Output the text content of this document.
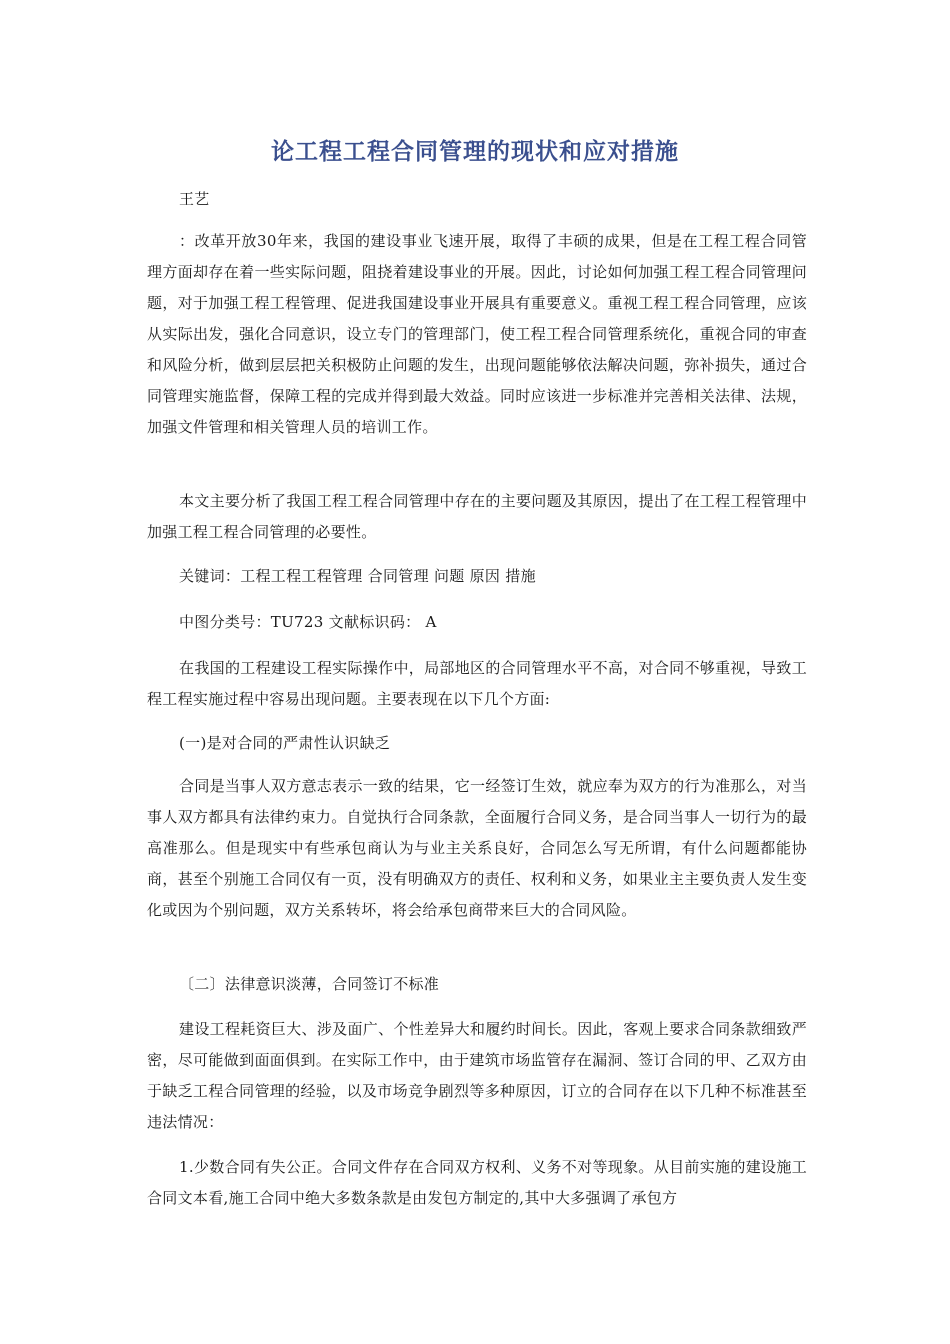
论工程工程合同管理的现状和应对措施

王艺

：改革开放30年来，我国的建设事业飞速开展，取得了丰硕的成果，但是在工程工程合同管理方面却存在着一些实际问题，阻挠着建设事业的开展。因此，讨论如何加强工程工程合同管理问题，对于加强工程工程管理、促进我国建设事业开展具有重要意义。重视工程工程合同管理，应该从实际出发，强化合同意识，设立专门的管理部门，使工程工程合同管理系统化，重视合同的审查和风险分析，做到层层把关积极防止问题的发生，出现问题能够依法解决问题，弥补损失，通过合同管理实施监督，保障工程的完成并得到最大效益。同时应该进一步标准并完善相关法律、法规，加强文件管理和相关管理人员的培训工作。

本文主要分析了我国工程工程合同管理中存在的主要问题及其原因，提出了在工程工程管理中加强工程工程合同管理的必要性。

关键词：工程工程工程管理 合同管理 问题 原因 措施

中图分类号：TU723 文献标识码： A

在我国的工程建设工程实际操作中，局部地区的合同管理水平不高，对合同不够重视，导致工程工程实施过程中容易出现问题。主要表现在以下几个方面:

(一)是对合同的严肃性认识缺乏

合同是当事人双方意志表示一致的结果，它一经签订生效，就应奉为双方的行为准那么，对当事人双方都具有法律约束力。自觉执行合同条款，全面履行合同义务，是合同当事人一切行为的最高准那么。但是现实中有些承包商认为与业主关系良好，合同怎么写无所谓，有什么问题都能协商，甚至个别施工合同仅有一页，没有明确双方的责任、权利和义务，如果业主主要负责人发生变化或因为个别问题，双方关系转坏，将会给承包商带来巨大的合同风险。

〔二〕法律意识淡薄，合同签订不标准

建设工程耗资巨大、涉及面广、个性差异大和履约时间长。因此，客观上要求合同条款细致严密，尽可能做到面面俱到。在实际工作中，由于建筑市场监管存在漏洞、签订合同的甲、乙双方由于缺乏工程合同管理的经验，以及市场竞争剧烈等多种原因，订立的合同存在以下几种不标准甚至违法情况：

1.少数合同有失公正。合同文件存在合同双方权利、义务不对等现象。从目前实施的建设施工合同文本看,施工合同中绝大多数条款是由发包方制定的,其中大多强调了承包方
